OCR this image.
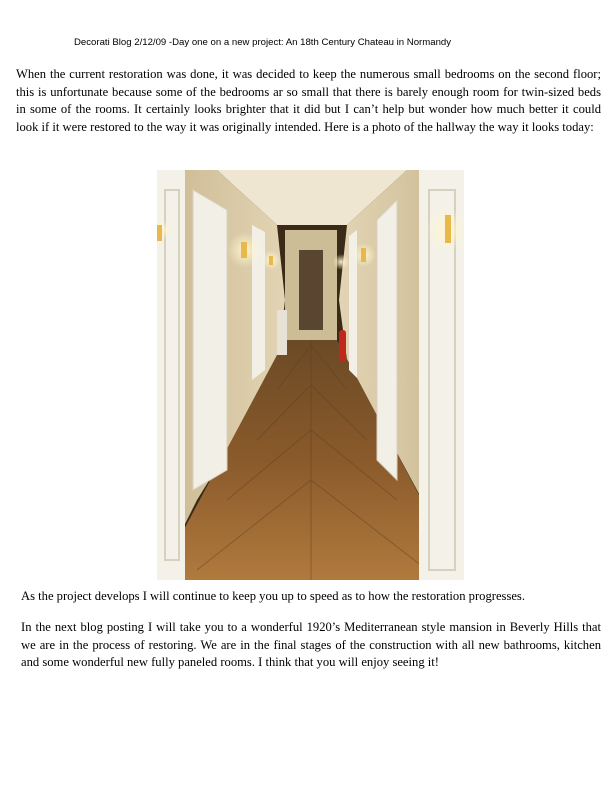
Decorati Blog 2/12/09 -Day one on a new project: An 18th Century Chateau in Normandy

When the current restoration was done, it was decided to keep the numerous small bedrooms on the second floor; this is unfortunate because some of the bedrooms ar so small that there is barely enough room for twin-sized beds in some of the rooms. It certainly looks brighter that it did but I can’t help but wonder how much better it could look if it were restored to the way it was originally intended. Here is a photo of the hallway the way it looks today:

As the project develops I will continue to keep you up to speed as to how the restoration progresses.

In the next blog posting I will take you to a wonderful 1920’s Mediterranean style mansion in Beverly Hills that we are in the process of restoring. We are in the final stages of the construction with all new bathrooms, kitchen and some wonderful new fully paneled rooms. I think that you will enjoy seeing it!
